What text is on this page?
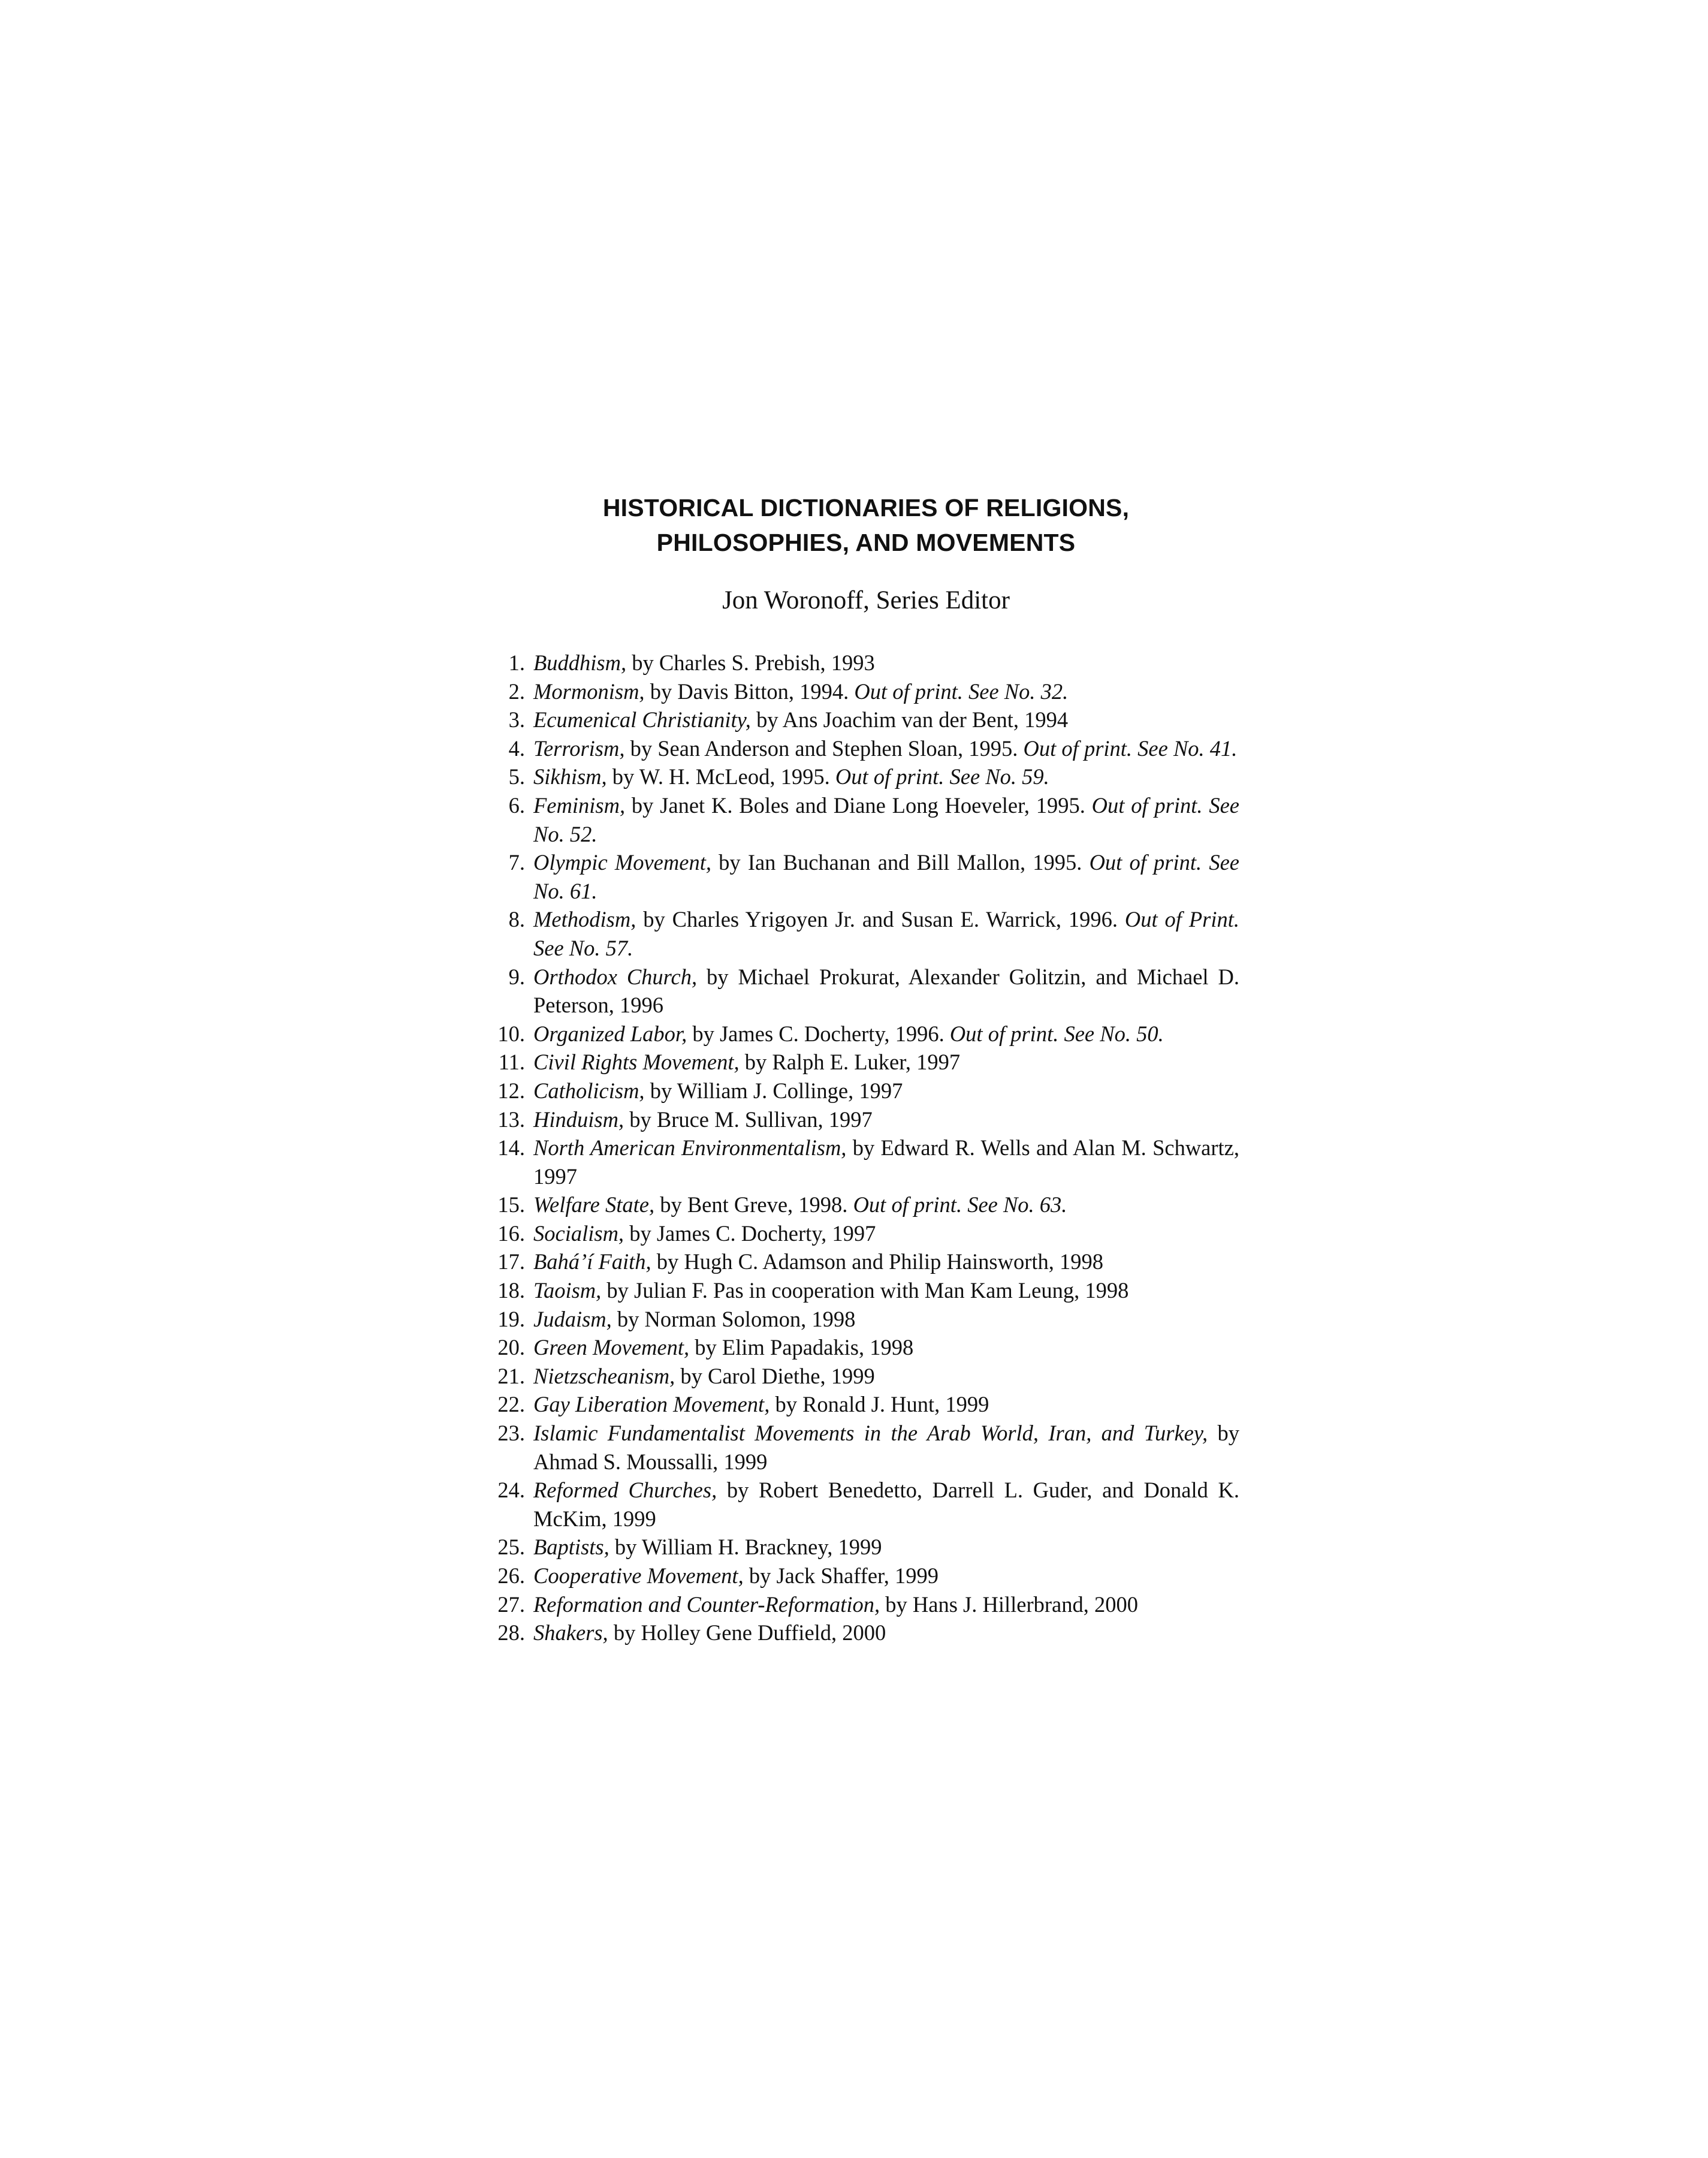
HISTORICAL DICTIONARIES OF RELIGIONS,
PHILOSOPHIES, AND MOVEMENTS
Jon Woronoff, Series Editor
1. Buddhism, by Charles S. Prebish, 1993
2. Mormonism, by Davis Bitton, 1994. Out of print. See No. 32.
3. Ecumenical Christianity, by Ans Joachim van der Bent, 1994
4. Terrorism, by Sean Anderson and Stephen Sloan, 1995. Out of print. See No. 41.
5. Sikhism, by W. H. McLeod, 1995. Out of print. See No. 59.
6. Feminism, by Janet K. Boles and Diane Long Hoeveler, 1995. Out of print. See No. 52.
7. Olympic Movement, by Ian Buchanan and Bill Mallon, 1995. Out of print. See No. 61.
8. Methodism, by Charles Yrigoyen Jr. and Susan E. Warrick, 1996. Out of Print. See No. 57.
9. Orthodox Church, by Michael Prokurat, Alexander Golitzin, and Michael D. Peterson, 1996
10. Organized Labor, by James C. Docherty, 1996. Out of print. See No. 50.
11. Civil Rights Movement, by Ralph E. Luker, 1997
12. Catholicism, by William J. Collinge, 1997
13. Hinduism, by Bruce M. Sullivan, 1997
14. North American Environmentalism, by Edward R. Wells and Alan M. Schwartz, 1997
15. Welfare State, by Bent Greve, 1998. Out of print. See No. 63.
16. Socialism, by James C. Docherty, 1997
17. Bahá’í Faith, by Hugh C. Adamson and Philip Hainsworth, 1998
18. Taoism, by Julian F. Pas in cooperation with Man Kam Leung, 1998
19. Judaism, by Norman Solomon, 1998
20. Green Movement, by Elim Papadakis, 1998
21. Nietzscheanism, by Carol Diethe, 1999
22. Gay Liberation Movement, by Ronald J. Hunt, 1999
23. Islamic Fundamentalist Movements in the Arab World, Iran, and Turkey, by Ahmad S. Moussalli, 1999
24. Reformed Churches, by Robert Benedetto, Darrell L. Guder, and Donald K. McKim, 1999
25. Baptists, by William H. Brackney, 1999
26. Cooperative Movement, by Jack Shaffer, 1999
27. Reformation and Counter-Reformation, by Hans J. Hillerbrand, 2000
28. Shakers, by Holley Gene Duffield, 2000
